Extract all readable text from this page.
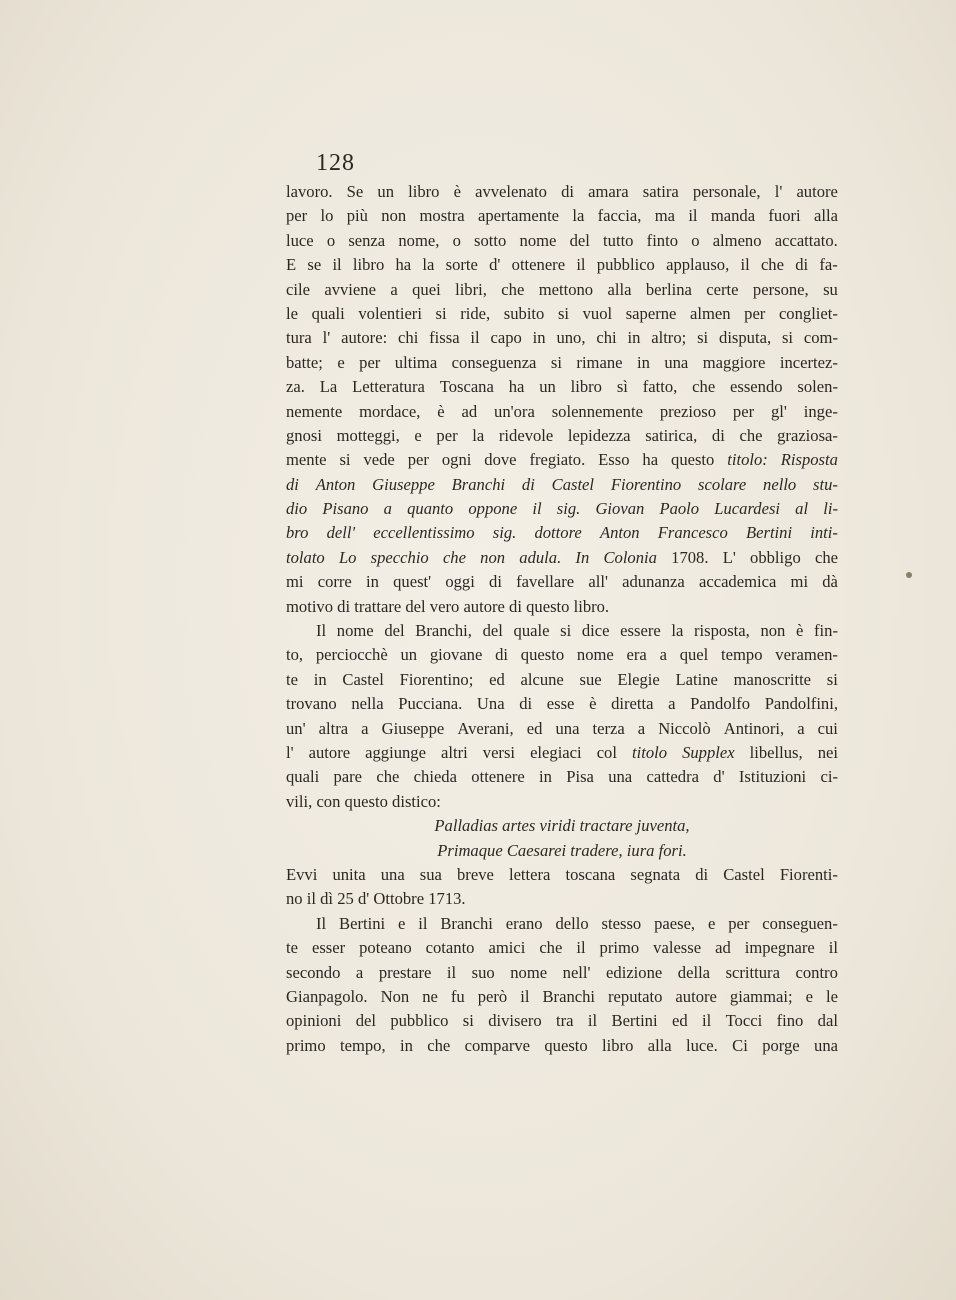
128
lavoro. Se un libro è avvelenato di amara satira personale, l' autore
per lo più non mostra apertamente la faccia, ma il manda fuori alla
luce o senza nome, o sotto nome del tutto finto o almeno accattato.
E se il libro ha la sorte d' ottenere il pubblico applauso, il che di fa-
cile avviene a quei libri, che mettono alla berlina certe persone, su
le quali volentieri si ride, subito si vuol saperne almen per congliet-
tura l' autore: chi fissa il capo in uno, chi in altro; si disputa, si com-
batte; e per ultima conseguenza si rimane in una maggiore incertez-
za. La Letteratura Toscana ha un libro sì fatto, che essendo solen-
nemente mordace, è ad un'ora solennemente prezioso per gl' inge-
gnosi motteggi, e per la ridevole lepidezza satirica, di che graziosa-
mente si vede per ogni dove fregiato. Esso ha questo titolo: Risposta
di Anton Giuseppe Branchi di Castel Fiorentino scolare nello stu-
dio Pisano a quanto oppone il sig. Giovan Paolo Lucardesi al li-
bro dell' eccellentissimo sig. dottore Anton Francesco Bertini inti-
tolato Lo specchio che non adula. In Colonia 1708. L' obbligo che
mi corre in quest' oggi di favellare all' adunanza accademica mi dà
motivo di trattare del vero autore di questo libro.
Il nome del Branchi, del quale si dice essere la risposta, non è fin-
to, perciocchè un giovane di questo nome era a quel tempo veramen-
te in Castel Fiorentino; ed alcune sue Elegie Latine manoscritte si
trovano nella Pucciana. Una di esse è diretta a Pandolfo Pandolfini,
un' altra a Giuseppe Averani, ed una terza a Niccolò Antinori, a cui
l' autore aggiunge altri versi elegiaci col titolo Supplex libellus, nei
quali pare che chieda ottenere in Pisa una cattedra d' Istituzioni ci-
vili, con questo distico:
Palladias artes viridi tractare juventa,
Primaque Caesarei tradere, iura fori.
Evvi unita una sua breve lettera toscana segnata di Castel Fiorenti-
no il dì 25 d' Ottobre 1713.
Il Bertini e il Branchi erano dello stesso paese, e per conseguen-
te esser poteano cotanto amici che il primo valesse ad impegnare il
secondo a prestare il suo nome nell' edizione della scrittura contro
Gianpagolo. Non ne fu però il Branchi reputato autore giammai; e le
opinioni del pubblico si divisero tra il Bertini ed il Tocci fino dal
primo tempo, in che comparve questo libro alla luce. Ci porge una
